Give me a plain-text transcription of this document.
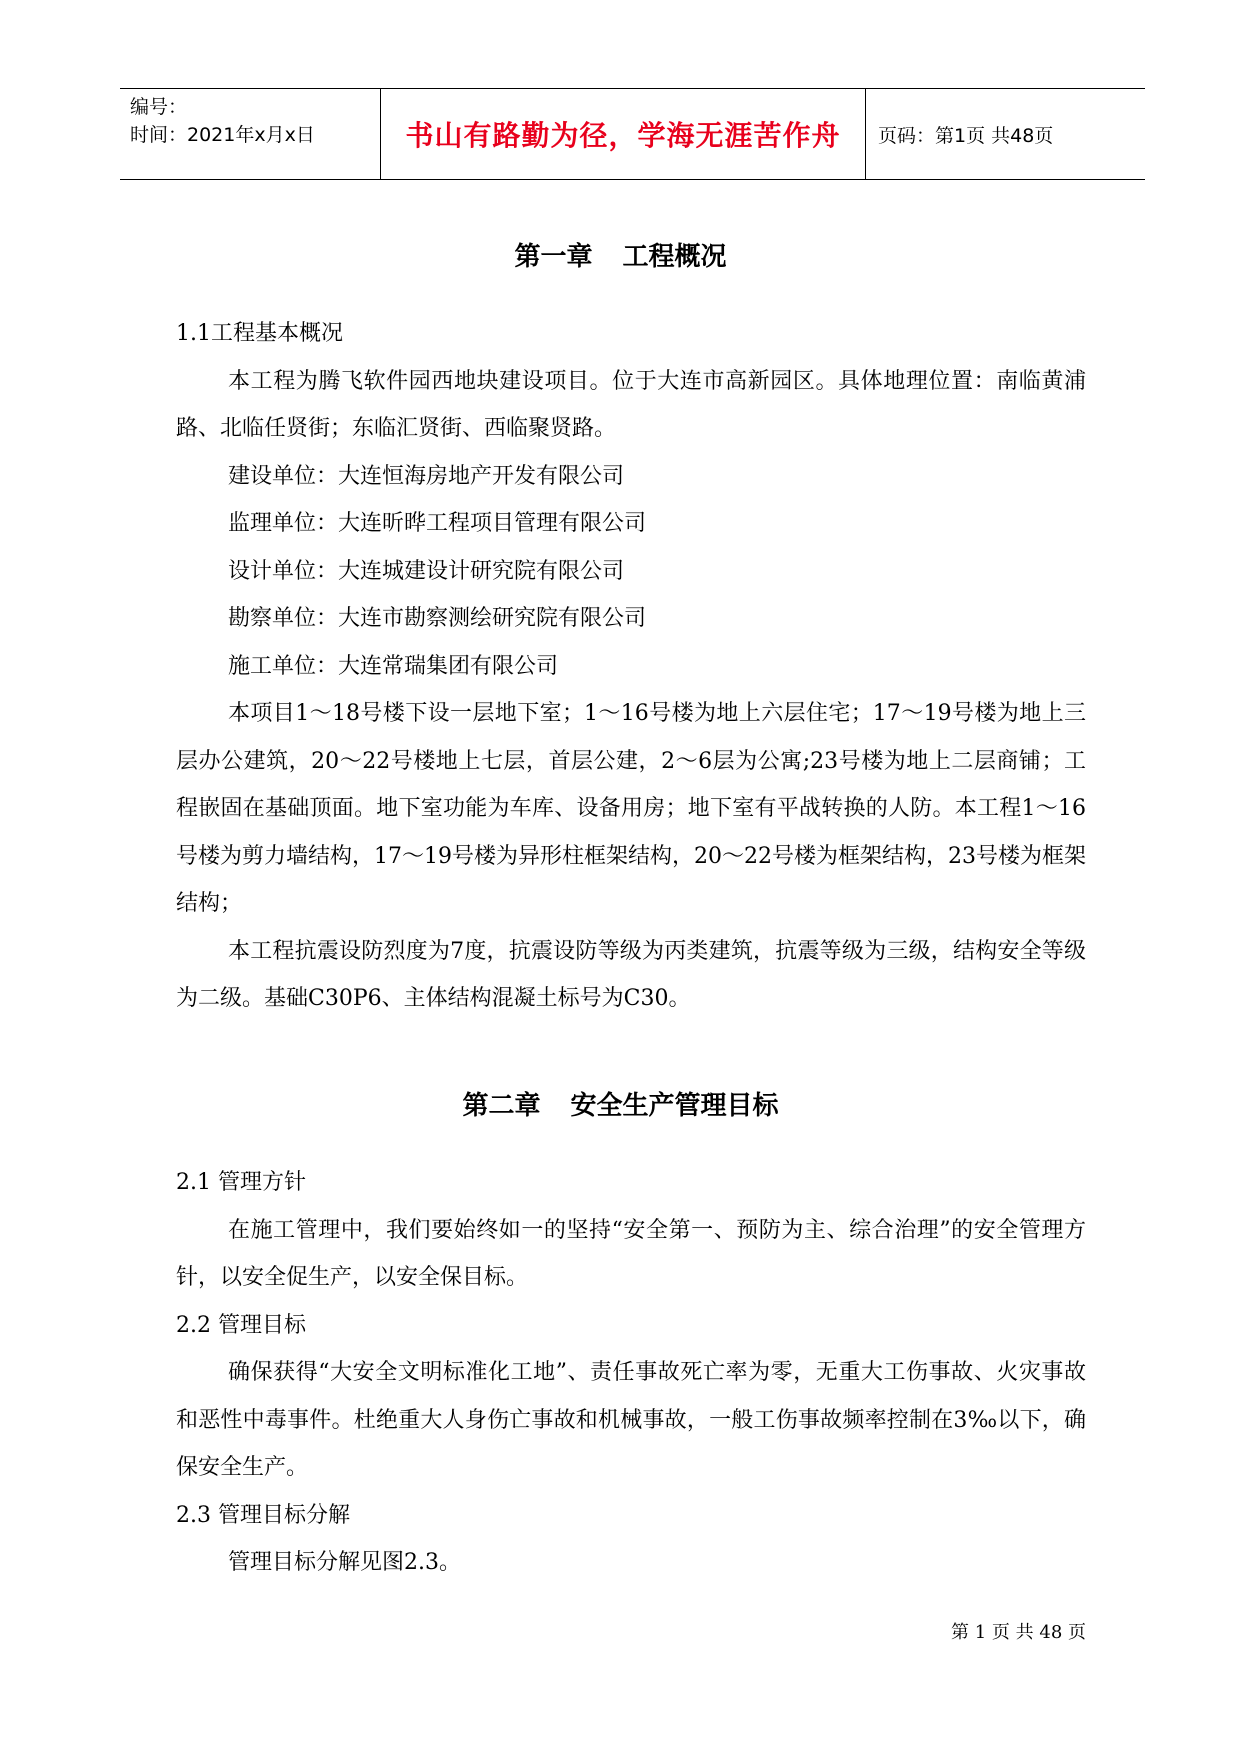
编号：
时间：2021年x月x日	书山有路勤为径，学海无涯苦作舟	页码：第1页 共48页
第一章 工程概况
1.1工程基本概况
本工程为腾飞软件园西地块建设项目。位于大连市高新园区。具体地理位置：南临黄浦路、北临任贤街；东临汇贤街、西临聚贤路。
建设单位：大连恒海房地产开发有限公司
监理单位：大连昕晔工程项目管理有限公司
设计单位：大连城建设计研究院有限公司
勘察单位：大连市勘察测绘研究院有限公司
施工单位：大连常瑞集团有限公司
本项目1～18号楼下设一层地下室；1～16号楼为地上六层住宅；17～19号楼为地上三层办公建筑，20～22号楼地上七层，首层公建，2～6层为公寓;23号楼为地上二层商铺；工程嵌固在基础顶面。地下室功能为车库、设备用房；地下室有平战转换的人防。本工程1～16号楼为剪力墙结构，17～19号楼为异形柱框架结构，20～22号楼为框架结构，23号楼为框架结构；
本工程抗震设防烈度为7度，抗震设防等级为丙类建筑，抗震等级为三级，结构安全等级为二级。基础C30P6、主体结构混凝土标号为C30。
第二章 安全生产管理目标
2.1 管理方针
在施工管理中，我们要始终如一的坚持“安全第一、预防为主、综合治理”的安全管理方针，以安全促生产，以安全保目标。
2.2 管理目标
确保获得“大安全文明标准化工地”、责任事故死亡率为零，无重大工伤事故、火灾事故和恶性中毒事件。杜绝重大人身伤亡事故和机械事故，一般工伤事故频率控制在3‰以下，确保安全生产。
2.3 管理目标分解
管理目标分解见图2.3。
第 1 页 共 48 页
